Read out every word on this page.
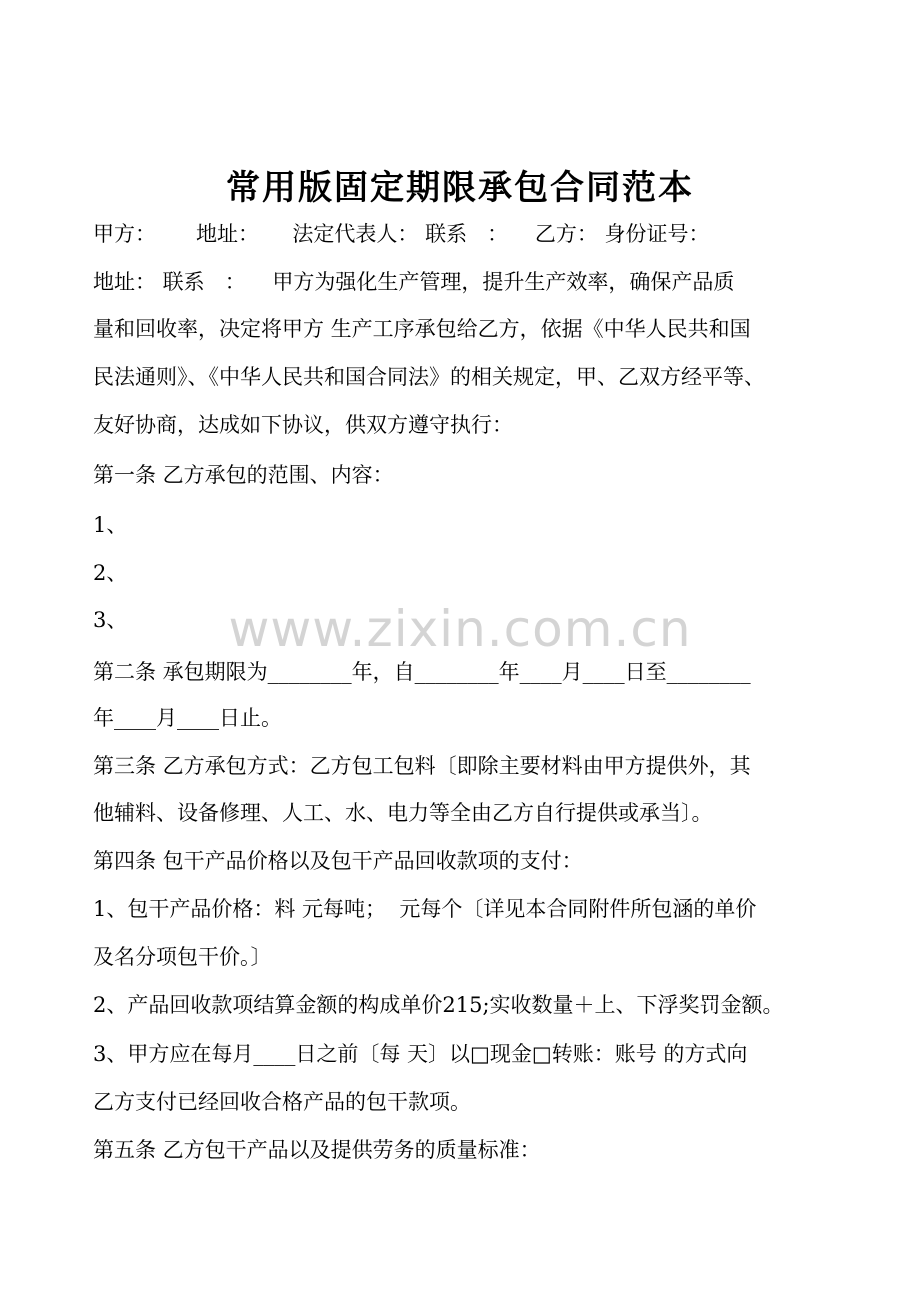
www.zixin.com.cn
常用版固定期限承包合同范本

甲方：      地址：     法定代表人： 联系   ：    乙方： 身份证号：

地址： 联系   ：    甲方为强化生产管理，提升生产效率，确保产品质

量和回收率，决定将甲方 生产工序承包给乙方，依据《中华人民共和国

民法通则》、《中华人民共和国合同法》的相关规定，甲、乙双方经平等、

友好协商，达成如下协议，供双方遵守执行：

第一条 乙方承包的范围、内容：

1、

2、

3、

第二条 承包期限为________年，自________年____月____日至________

年____月____日止。

第三条 乙方承包方式：乙方包工包料〔即除主要材料由甲方提供外，其

他辅料、设备修理、人工、水、电力等全由乙方自行提供或承当〕。

第四条 包干产品价格以及包干产品回收款项的支付：

1、包干产品价格：料 元每吨；  元每个〔详见本合同附件所包涵的单价

及名分项包干价。〕

2、产品回收款项结算金额的构成单价215;实收数量＋上、下浮奖罚金额。

3、甲方应在每月____日之前〔每 天〕以□现金□转账：账号 的方式向

乙方支付已经回收合格产品的包干款项。

第五条 乙方包干产品以及提供劳务的质量标准：
